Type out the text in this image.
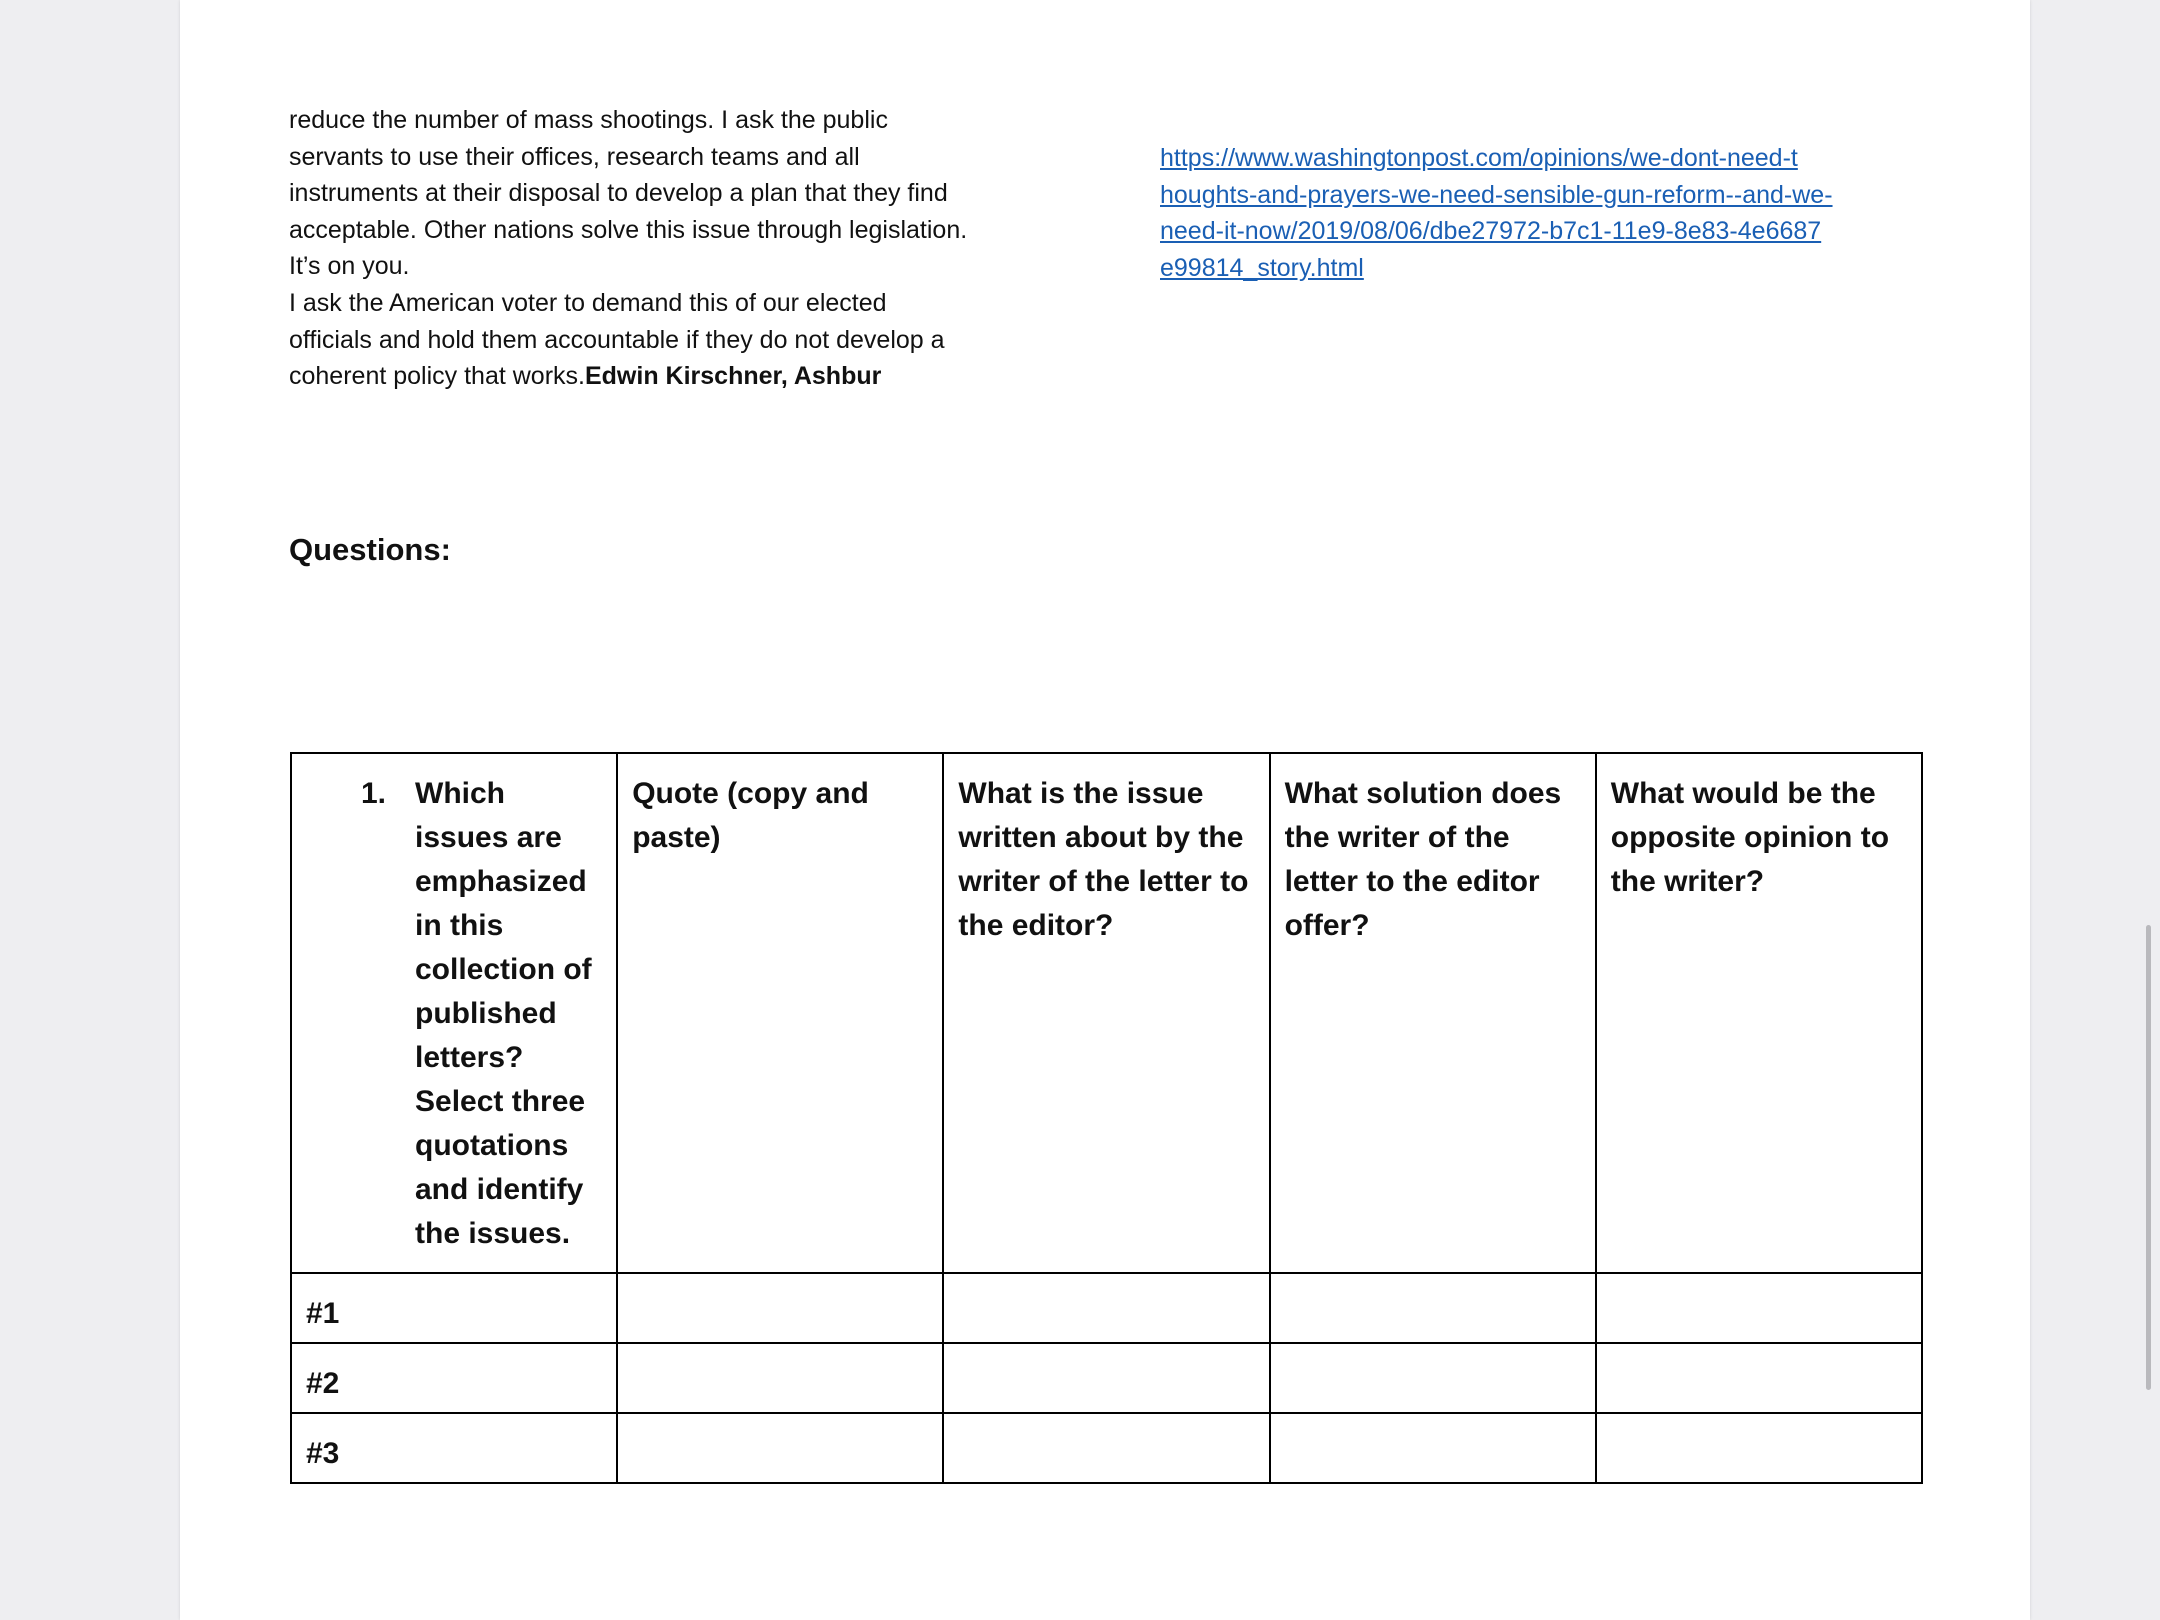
reduce the number of mass shootings. I ask the public
servants to use their offices, research teams and all
instruments at their disposal to develop a plan that they find
acceptable. Other nations solve this issue through legislation.
It’s on you.
I ask the American voter to demand this of our elected
officials and hold them accountable if they do not develop a
coherent policy that works.Edwin Kirschner, Ashbur
https://www.washingtonpost.com/opinions/we-dont-need-t
houghts-and-prayers-we-need-sensible-gun-reform--and-we-
need-it-now/2019/08/06/dbe27972-b7c1-11e9-8e83-4e6687
e99814_story.html
Questions:
1. Which issues are emphasized in this collection of published letters? Select three quotations and identify the issues.	Quote (copy and paste)	What is the issue written about by the writer of the letter to the editor?	What solution does the writer of the letter to the editor offer?	What would be the opposite opinion to the writer?
#1				
#2				
#3				
